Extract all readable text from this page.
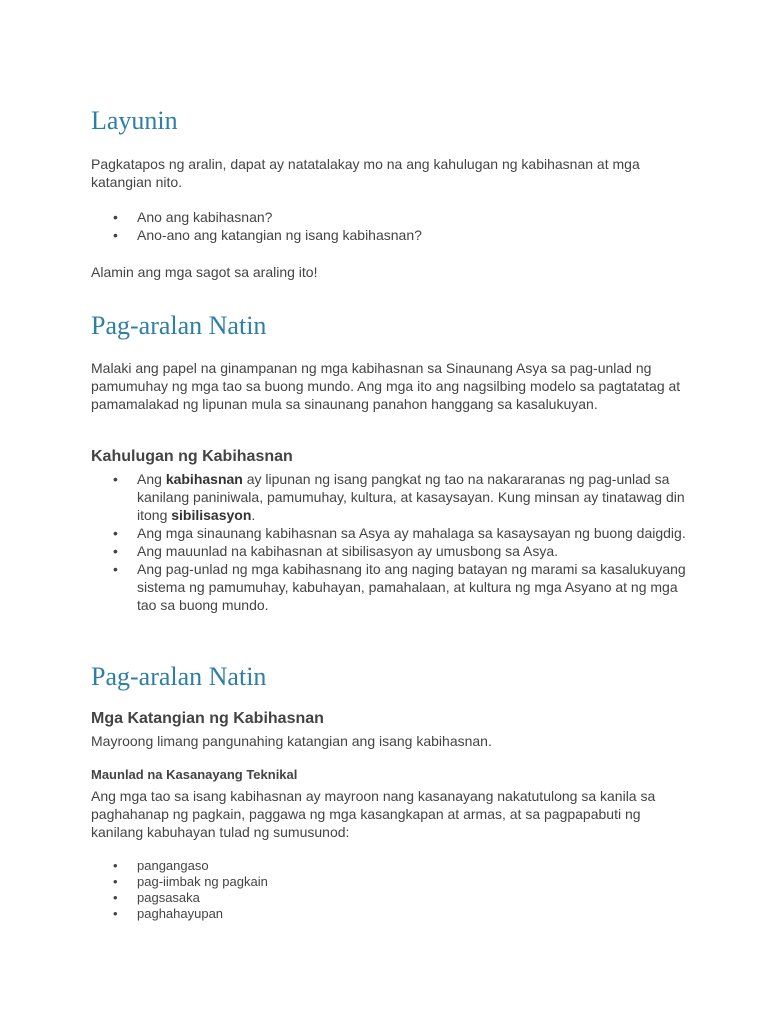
Layunin

Pagkatapos ng aralin, dapat ay natatalakay mo na ang kahulugan ng kabihasnan at mga katangian nito.

• Ano ang kabihasnan?
• Ano-ano ang katangian ng isang kabihasnan?

Alamin ang mga sagot sa araling ito!

Pag-aralan Natin

Malaki ang papel na ginampanan ng mga kabihasnan sa Sinaunang Asya sa pag-unlad ng pamumuhay ng mga tao sa buong mundo. Ang mga ito ang nagsilbing modelo sa pagtatatag at pamamalakad ng lipunan mula sa sinaunang panahon hanggang sa kasalukuyan.

Kahulugan ng Kabihasnan
• Ang kabihasnan ay lipunan ng isang pangkat ng tao na nakararanas ng pag-unlad sa kanilang paniniwala, pamumuhay, kultura, at kasaysayan. Kung minsan ay tinatawag din itong sibilisasyon.
• Ang mga sinaunang kabihasnan sa Asya ay mahalaga sa kasaysayan ng buong daigdig.
• Ang mauunlad na kabihasnan at sibilisasyon ay umusbong sa Asya.
• Ang pag-unlad ng mga kabihasnang ito ang naging batayan ng marami sa kasalukuyang sistema ng pamumuhay, kabuhayan, pamahalaan, at kultura ng mga Asyano at ng mga tao sa buong mundo.
Pag-aralan Natin
Mga Katangian ng Kabihasnan

Mayroong limang pangunahing katangian ang isang kabihasnan.

Maunlad na Kasanayang Teknikal

Ang mga tao sa isang kabihasnan ay mayroon nang kasanayang nakatutulong sa kanila sa paghahanap ng pagkain, paggawa ng mga kasangkapan at armas, at sa pagpapabuti ng kanilang kabuhayan tulad ng sumusunod:

• pangangaso
• pag-iimbak ng pagkain
• pagsasaka
• paghahayupan
